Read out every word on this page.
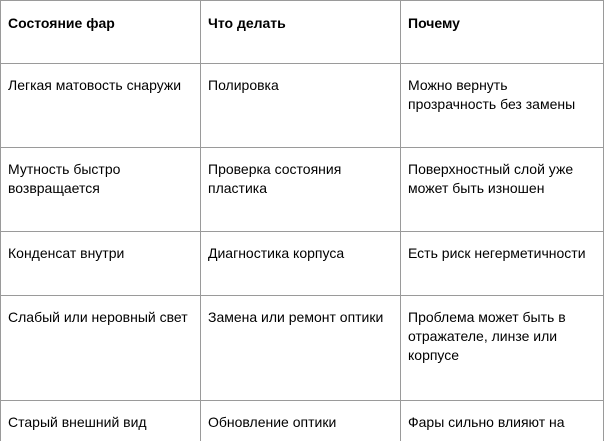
Состояние фар	Что делать	Почему
Легкая матовость снаружи	Полировка	Можно вернуть прозрачность без замены
Мутность быстро возвращается	Проверка состояния пластика	Поверхностный слой уже может быть изношен
Конденсат внутри	Диагностика корпуса	Есть риск негерметичности
Слабый или неровный свет	Замена или ремонт оптики	Проблема может быть в отражателе, линзе или корпусе
Старый внешний вид	Обновление оптики	Фары сильно влияют на
